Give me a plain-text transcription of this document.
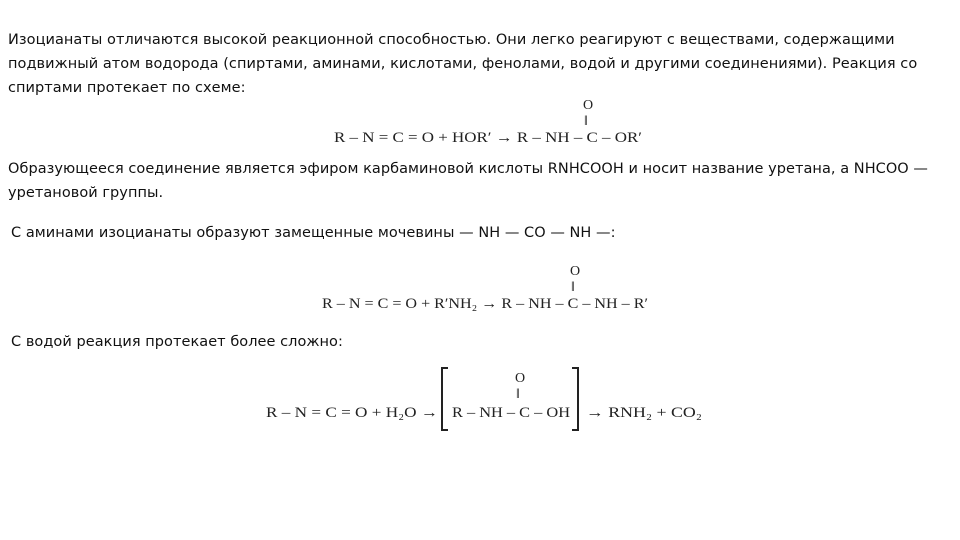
Изоцианаты отличаются высокой реакционной способностью. Они легко реагируют с веществами, содержащими
подвижный атом водорода (спиртами, аминами, кислотами, фенолами, водой и другими соединениями). Реакция со
спиртами протекает по схеме:
O
‖
R – N = C = O + HOR′ → R – NH – C – OR′
Образующееся соединение является эфиром карбаминовой кислоты RNHCOOH и носит название уретана, а NHCOO —
уретановой группы.
С аминами изоцианаты образуют замещенные мочевины — NH — CO — NH —:
O
‖
R – N = C = O + R′NH₂ → R – NH – C – NH – R′
С водой реакция протекает более сложно:
R – N = C = O + H₂O →
O
‖
R – NH – C – OH → RNH₂ + CO₂
